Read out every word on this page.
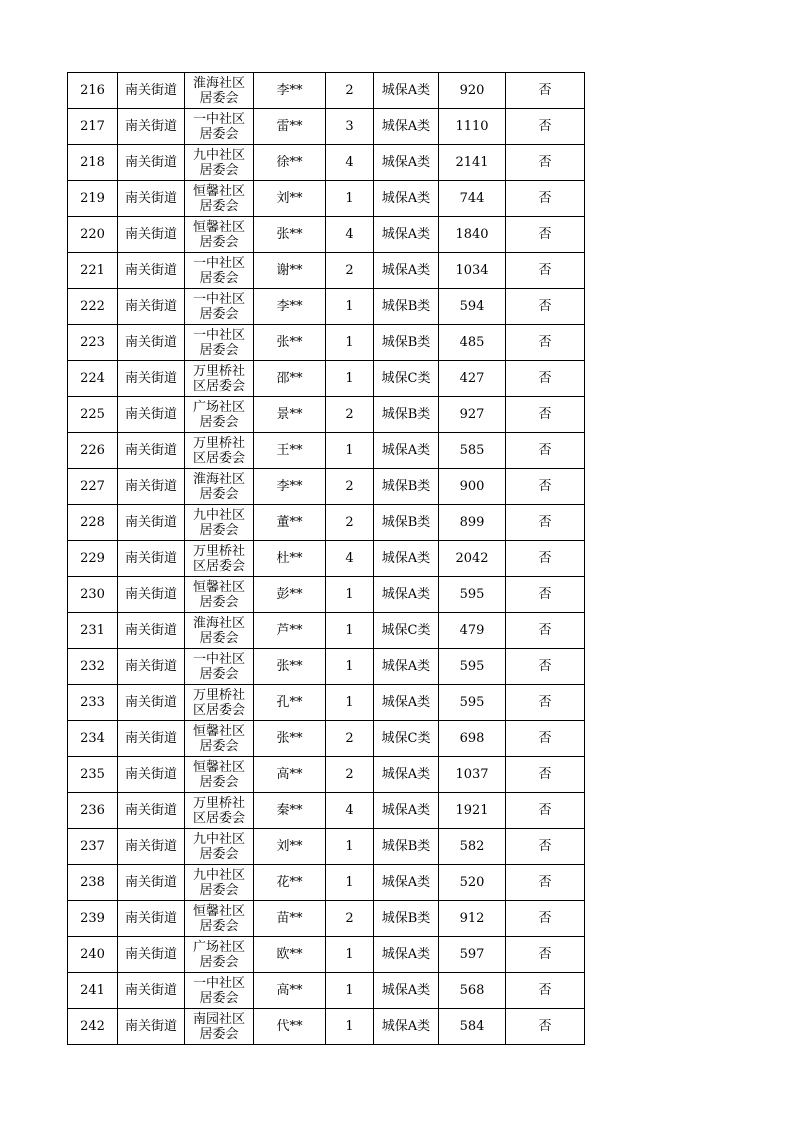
216	南关街道	淮海社区居委会	李**	2	城保A类	920	否
217	南关街道	一中社区居委会	雷**	3	城保A类	1110	否
218	南关街道	九中社区居委会	徐**	4	城保A类	2141	否
219	南关街道	恒馨社区居委会	刘**	1	城保A类	744	否
220	南关街道	恒馨社区居委会	张**	4	城保A类	1840	否
221	南关街道	一中社区居委会	谢**	2	城保A类	1034	否
222	南关街道	一中社区居委会	李**	1	城保B类	594	否
223	南关街道	一中社区居委会	张**	1	城保B类	485	否
224	南关街道	万里桥社区居委会	邵**	1	城保C类	427	否
225	南关街道	广场社区居委会	景**	2	城保B类	927	否
226	南关街道	万里桥社区居委会	王**	1	城保A类	585	否
227	南关街道	淮海社区居委会	李**	2	城保B类	900	否
228	南关街道	九中社区居委会	董**	2	城保B类	899	否
229	南关街道	万里桥社区居委会	杜**	4	城保A类	2042	否
230	南关街道	恒馨社区居委会	彭**	1	城保A类	595	否
231	南关街道	淮海社区居委会	芦**	1	城保C类	479	否
232	南关街道	一中社区居委会	张**	1	城保A类	595	否
233	南关街道	万里桥社区居委会	孔**	1	城保A类	595	否
234	南关街道	恒馨社区居委会	张**	2	城保C类	698	否
235	南关街道	恒馨社区居委会	高**	2	城保A类	1037	否
236	南关街道	万里桥社区居委会	秦**	4	城保A类	1921	否
237	南关街道	九中社区居委会	刘**	1	城保B类	582	否
238	南关街道	九中社区居委会	花**	1	城保A类	520	否
239	南关街道	恒馨社区居委会	苗**	2	城保B类	912	否
240	南关街道	广场社区居委会	欧**	1	城保A类	597	否
241	南关街道	一中社区居委会	高**	1	城保A类	568	否
242	南关街道	南园社区居委会	代**	1	城保A类	584	否
